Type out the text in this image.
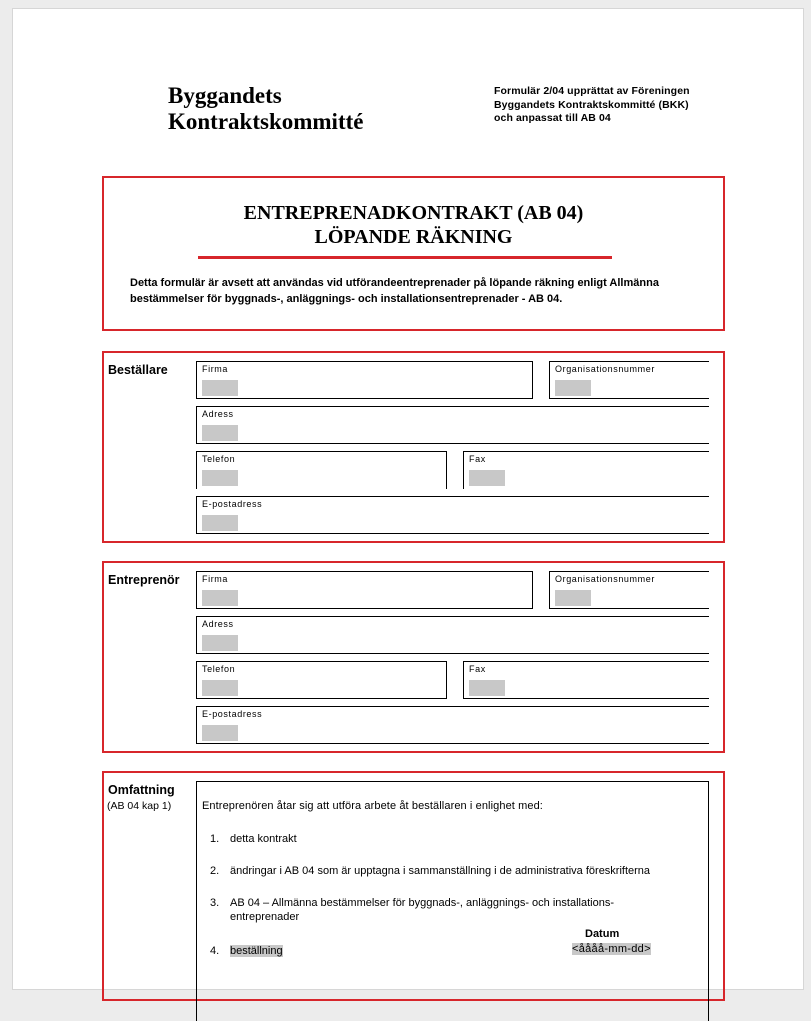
Byggandets
Kontraktskommitté
Formulär 2/04 upprättat av Föreningen
Byggandets Kontraktskommitté (BKK)
och anpassat till AB 04
ENTREPRENADKONTRAKT (AB 04)
LÖPANDE RÄKNING
Detta formulär är avsett att användas vid utförandeentreprenader på löpande räkning enligt Allmänna
bestämmelser för byggnads-, anläggnings- och installationsentreprenader - AB 04.
Beställare	Firma	Organisationsnummer
Adress
Telefon	Fax
E-postadress
Entreprenör Firma	Organisationsnummer
Adress
Telefon	Fax
E-postadress
Omfattning
(AB 04 kap 1)	Entreprenören åtar sig att utföra arbete åt beställaren i enlighet med:
1. detta kontrakt
2. ändringar i AB 04 som är upptagna i sammanställning i de administrativa föreskrifterna
3. AB 04 – Allmänna bestämmelser för byggnads-, anläggnings- och installations-
entreprenader
Datum
4. beställning	<åååå-mm-dd>
